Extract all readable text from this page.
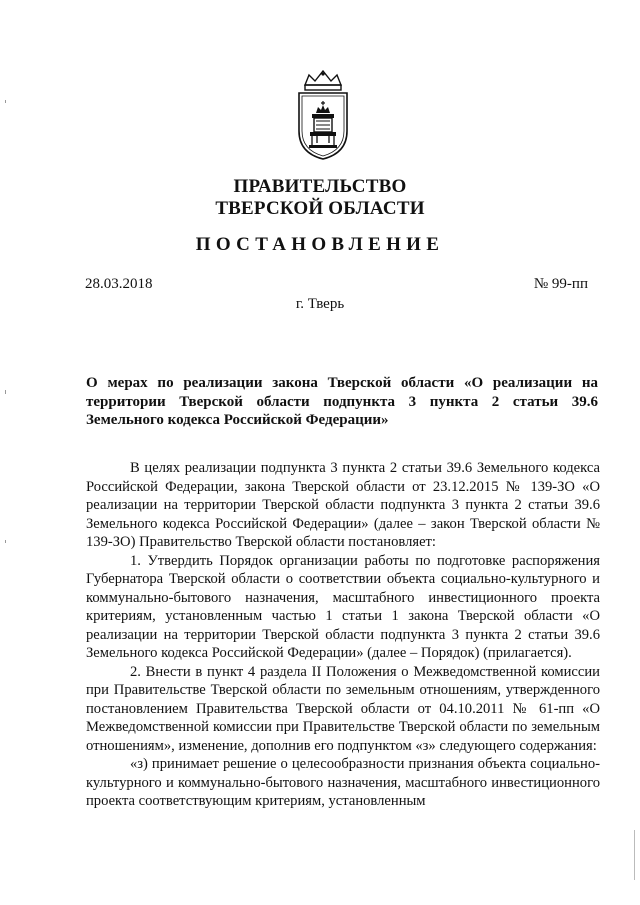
ПРАВИТЕЛЬСТВО
ТВЕРСКОЙ ОБЛАСТИ
ПОСТАНОВЛЕНИЕ
28.03.2018	№ 99-пп
г. Тверь
О мерах по реализации закона Тверской области «О реализации на территории Тверской области подпункта 3 пункта 2 статьи 39.6 Земельного кодекса Российской Федерации»

В целях реализации подпункта 3 пункта 2 статьи 39.6 Земельного кодекса Российской Федерации, закона Тверской области от 23.12.2015 № 139-ЗО «О реализации на территории Тверской области подпункта 3 пункта 2 статьи 39.6 Земельного кодекса Российской Федерации» (далее – закон Тверской области № 139-ЗО) Правительство Тверской области постановляет:

1. Утвердить Порядок организации работы по подготовке распоряжения Губернатора Тверской области о соответствии объекта социально-культурного и коммунально-бытового назначения, масштабного инвестиционного проекта критериям, установленным частью 1 статьи 1 закона Тверской области «О реализации на территории Тверской области подпункта 3 пункта 2 статьи 39.6 Земельного кодекса Российской Федерации» (далее – Порядок) (прилагается).

2. Внести в пункт 4 раздела II Положения о Межведомственной комиссии при Правительстве Тверской области по земельным отношениям, утвержденного постановлением Правительства Тверской области от 04.10.2011 № 61-пп «О Межведомственной комиссии при Правительстве Тверской области по земельным отношениям», изменение, дополнив его подпунктом «з» следующего содержания:

«з) принимает решение о целесообразности признания объекта социально-культурного и коммунально-бытового назначения, масштабного инвестиционного проекта соответствующим критериям, установленным
